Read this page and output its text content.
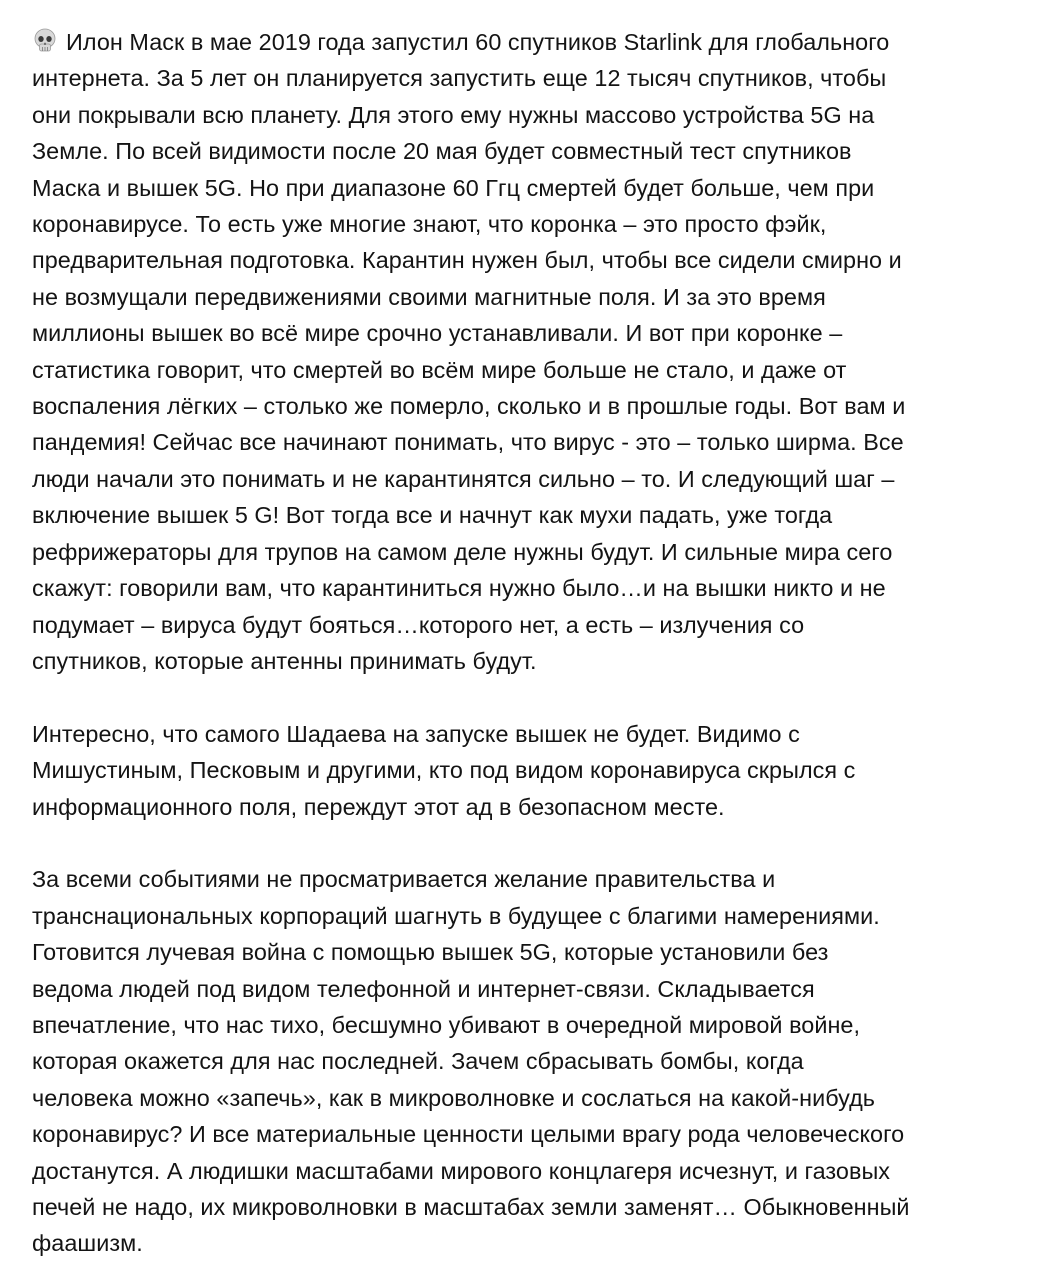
Илон Маск в мае 2019 года запустил 60 спутников Starlink для глобального
интернета. За 5 лет он планируется запустить еще 12 тысяч спутников, чтобы
они покрывали всю планету. Для этого ему нужны массово устройства 5G на
Земле. По всей видимости после 20 мая будет совместный тест спутников
Маска и вышек 5G. Но при диапазоне 60 Ггц смертей будет больше, чем при
коронавирусе. То есть уже многие знают, что коронка – это просто фэйк,
предварительная подготовка. Карантин нужен был, чтобы все сидели смирно и
не возмущали передвижениями своими магнитные поля. И за это время
миллионы вышек во всё мире срочно устанавливали. И вот при коронке –
статистика говорит, что смертей во всём мире больше не стало, и даже от
воспаления лёгких – столько же померло, сколько и в прошлые годы. Вот вам и
пандемия! Сейчас все начинают понимать, что вирус - это – только ширма. Все
люди начали это понимать и не карантинятся сильно – то. И следующий шаг –
включение вышек 5 G! Вот тогда все и начнут как мухи падать, уже тогда
рефрижераторы для трупов на самом деле нужны будут. И сильные мира сего
скажут: говорили вам, что карантиниться нужно было…и на вышки никто и не
подумает – вируса будут бояться…которого нет, а есть – излучения со
спутников, которые антенны принимать будут.

Интересно, что самого Шадаева на запуске вышек не будет. Видимо с
Мишустиным, Песковым и другими, кто под видом коронавируса скрылся с
информационного поля, переждут этот ад в безопасном месте.

За всеми событиями не просматривается желание правительства и
транснациональных корпораций шагнуть в будущее с благими намерениями.
Готовится лучевая война с помощью вышек 5G, которые установили без
ведома людей под видом телефонной и интернет-связи. Складывается
впечатление, что нас тихо, бесшумно убивают в очередной мировой войне,
которая окажется для нас последней. Зачем сбрасывать бомбы, когда
человека можно «запечь», как в микроволновке и сослаться на какой-нибудь
коронавирус? И все материальные ценности целыми врагу рода человеческого
достанутся. А людишки масштабами мирового концлагеря исчезнут, и газовых
печей не надо, их микроволновки в масштабах земли заменят… Обыкновенный
фаашизм.
